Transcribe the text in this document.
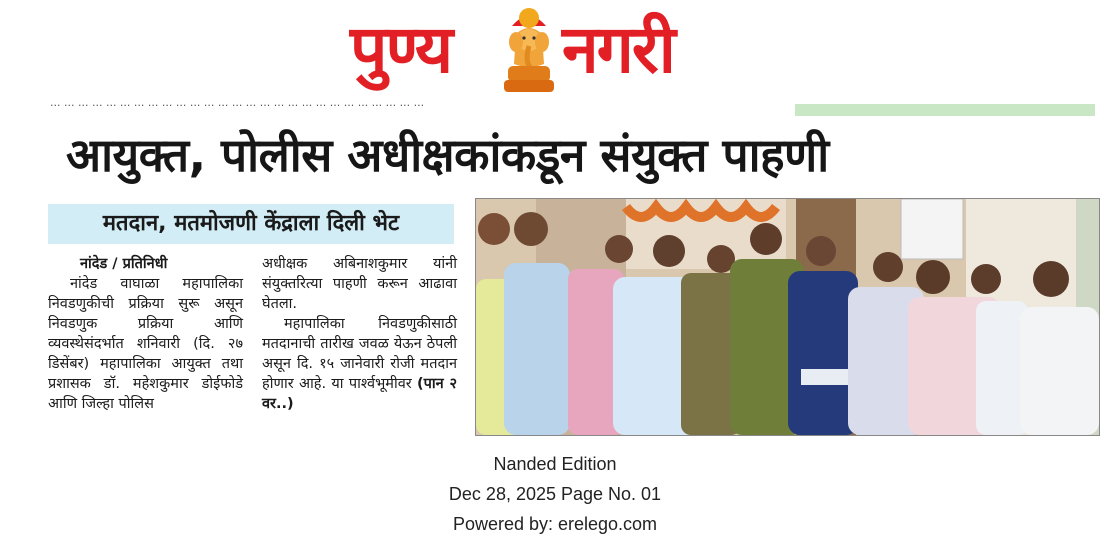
पुण्य नगरी
... ... ... ... ... ... ... ... ... ... ... ... ... ... ... ... ... ... ... ... ... ... ... ... ... ... ...
आयुक्त, पोलीस अधीक्षकांकडून संयुक्त पाहणी
मतदान, मतमोजणी केंद्राला दिली भेट
नांदेड / प्रतिनिधी

नांदेड वाघाळा महापालिका निवडणुकीची प्रक्रिया सुरू असून निवडणुक प्रक्रिया आणि व्यवस्थेसंदर्भात शनिवारी (दि. २७ डिसेंबर) महापालिका आयुक्त तथा प्रशासक डॉ. महेशकुमार डोईफोडे आणि जिल्हा पोलिस

अधीक्षक अबिनाशकुमार यांनी संयुक्तरित्या पाहणी करून आढावा घेतला.

महापालिका निवडणुकीसाठी मतदानाची तारीख जवळ येऊन ठेपली असून दि. १५ जानेवारी रोजी मतदान होणार आहे. या पार्श्वभूमीवर (पान २ वर..)

Nanded Edition
Dec 28, 2025 Page No. 01
Powered by: erelego.com
